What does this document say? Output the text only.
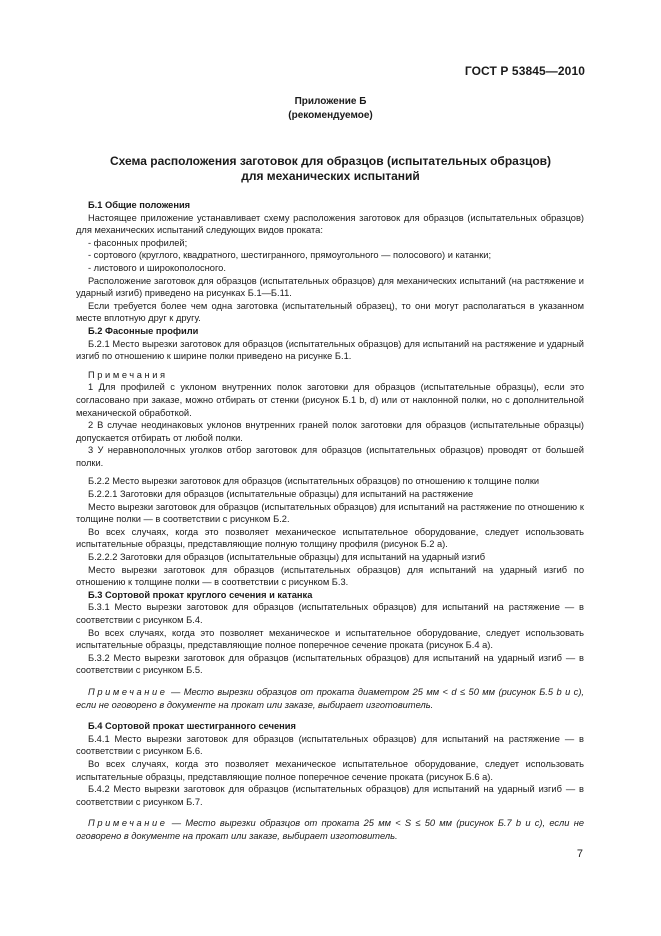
ГОСТ Р 53845—2010
Приложение Б
(рекомендуемое)
Схема расположения заготовок для образцов (испытательных образцов)
для механических испытаний

Б.1 Общие положения

Настоящее приложение устанавливает схему расположения заготовок для образцов (испытательных образцов) для механических испытаний следующих видов проката:

- фасонных профилей;

- сортового (круглого, квадратного, шестигранного, прямоугольного — полосового) и катанки;

- листового и широкополосного.

Расположение заготовок для образцов (испытательных образцов) для механических испытаний (на растяжение и ударный изгиб) приведено на рисунках Б.1—Б.11.

Если требуется более чем одна заготовка (испытательный образец), то они могут располагаться в указанном месте вплотную друг к другу.

Б.2 Фасонные профили

Б.2.1 Место вырезки заготовок для образцов (испытательных образцов) для испытаний на растяжение и ударный изгиб по отношению к ширине полки приведено на рисунке Б.1.

Примечания

1 Для профилей с уклоном внутренних полок заготовки для образцов (испытательные образцы), если это согласовано при заказе, можно отбирать от стенки (рисунок Б.1 b, d) или от наклонной полки, но с дополнительной механической обработкой.

2 В случае неодинаковых уклонов внутренних граней полок заготовки для образцов (испытательные образцы) допускается отбирать от любой полки.

3 У неравнополочных уголков отбор заготовок для образцов (испытательных образцов) проводят от большей полки.

Б.2.2 Место вырезки заготовок для образцов (испытательных образцов) по отношению к толщине полки

Б.2.2.1 Заготовки для образцов (испытательные образцы) для испытаний на растяжение

Место вырезки заготовок для образцов (испытательных образцов) для испытаний на растяжение по отношению к толщине полки — в соответствии с рисунком Б.2.

Во всех случаях, когда это позволяет механическое испытательное оборудование, следует использовать испытательные образцы, представляющие полную толщину профиля (рисунок Б.2 a).

Б.2.2.2 Заготовки для образцов (испытательные образцы) для испытаний на ударный изгиб

Место вырезки заготовок для образцов (испытательных образцов) для испытаний на ударный изгиб по отношению к толщине полки — в соответствии с рисунком Б.3.

Б.3 Сортовой прокат круглого сечения и катанка

Б.3.1 Место вырезки заготовок для образцов (испытательных образцов) для испытаний на растяжение — в соответствии с рисунком Б.4.

Во всех случаях, когда это позволяет механическое и испытательное оборудование, следует использовать испытательные образцы, представляющие полное поперечное сечение проката (рисунок Б.4 a).

Б.3.2 Место вырезки заготовок для образцов (испытательных образцов) для испытаний на ударный изгиб — в соответствии с рисунком Б.5.

Примечание — Место вырезки образцов от проката диаметром 25 мм < d ≤ 50 мм (рисунок Б.5 b и c), если не оговорено в документе на прокат или заказе, выбирает изготовитель.

Б.4 Сортовой прокат шестигранного сечения

Б.4.1 Место вырезки заготовок для образцов (испытательных образцов) для испытаний на растяжение — в соответствии с рисунком Б.6.

Во всех случаях, когда это позволяет механическое испытательное оборудование, следует использовать испытательные образцы, представляющие полное поперечное сечение проката (рисунок Б.6 a).

Б.4.2 Место вырезки заготовок для образцов (испытательных образцов) для испытаний на ударный изгиб — в соответствии с рисунком Б.7.

Примечание — Место вырезки образцов от проката 25 мм < S ≤ 50 мм (рисунок Б.7 b и c), если не оговорено в документе на прокат или заказе, выбирает изготовитель.

7
